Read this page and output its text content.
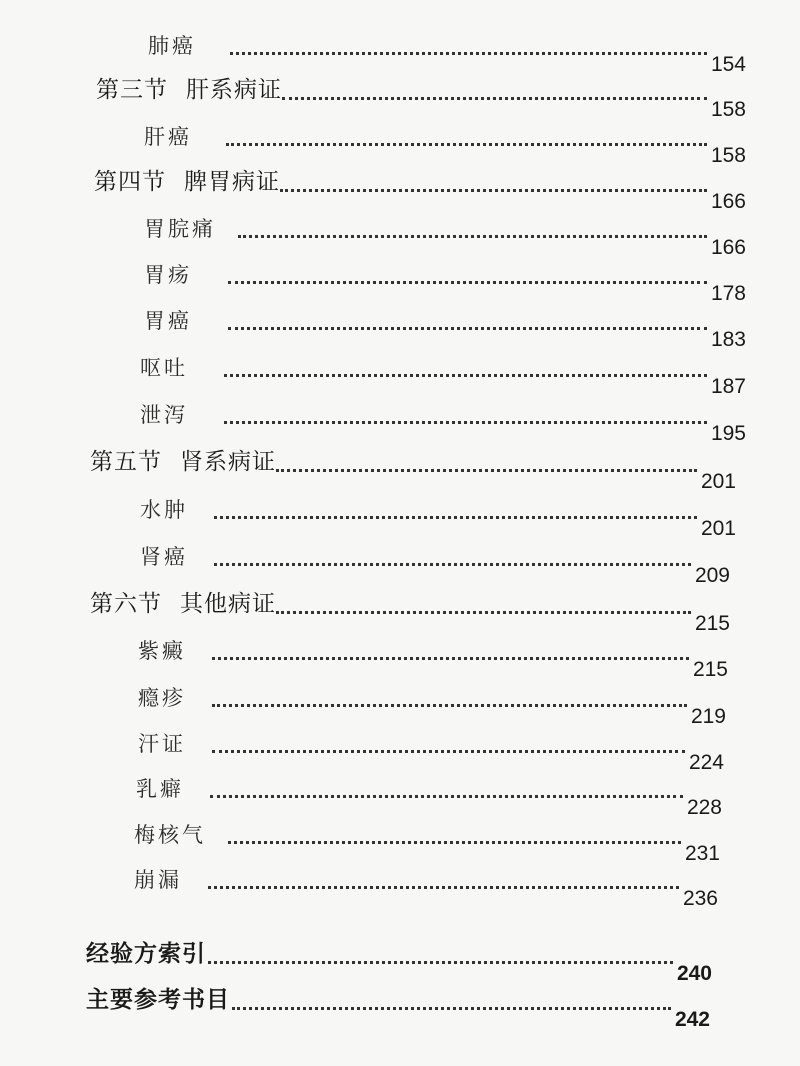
肺癌
154
第三节 肝系病证
158
肝癌
158
第四节 脾胃病证
166
胃脘痛
166
胃疡
178
胃癌
183
呕吐
187
泄泻
195
第五节 肾系病证
201
水肿
201
肾癌
209
第六节 其他病证
215
紫癜
215
瘾疹
219
汗证
224
乳癖
228
梅核气
231
崩漏
236
经验方索引
240
主要参考书目
242
